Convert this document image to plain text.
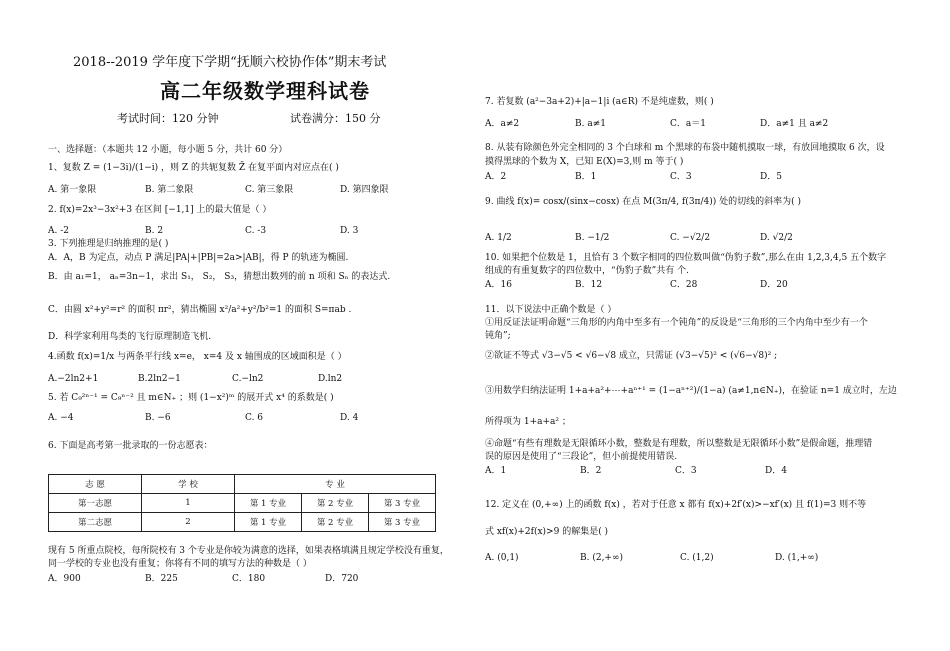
2018--2019 学年度下学期“抚顺六校协作体”期末考试
高二年级数学理科试卷
考试时间：120 分钟	试卷满分：150 分
一、选择题：（本题共 12 小题，每小题 5 分，共计 60 分）
1、复数 Z = (1−3i)/(1−i) ，则 Z 的共轭复数 Z̄ 在复平面内对应点在( )
A. 第一象限	B. 第二象限	C. 第三象限	D. 第四象限
2. f(x)=2x³−3x²+3 在区间 [−1,1] 上的最大值是（ ）
A. -2	B. 2	C. -3	D. 3
3. 下列推理是归纳推理的是( )
A．A，B 为定点，动点 P 满足|PA|+|PB|=2a>|AB|，得 P 的轨迹为椭圆.
B．由 a₁=1， aₙ=3n−1，求出 S₁， S₂， S₃，猜想出数列的前 n 项和 Sₙ 的表达式.
C．由圆 x²+y²=r² 的面积 πr²，猜出椭圆 x²/a²+y²/b²=1 的面积 S=πab .
D．科学家利用鸟类的飞行原理制造飞机.
4.函数 f(x)=1/x 与两条平行线 x=e， x=4 及 x 轴围成的区域面积是（ ）
A.−2ln2+1	B.2ln2−1	C.−ln2	D.ln2
5. 若 C₉²ⁿ⁻¹ = C₉ⁿ⁻² 且 m∈N₊ ；则 (1−x²)ᵐ 的展开式 x⁴ 的系数是( )
A. −4	B. −6	C. 6	D. 4
6. 下面是高考第一批录取的一份志愿表：
志 愿	学 校	专 业		
第一志愿	1	第 1 专业	第 2 专业	第 3 专业
第二志愿	2	第 1 专业	第 2 专业	第 3 专业
现有 5 所重点院校，每所院校有 3 个专业是你较为满意的选择，如果表格填满且规定学校没有重复，
同一学校的专业也没有重复；你将有不同的填写方法的种数是（ ）
A．900	B．225	C．180	D．720
7. 若复数 (a²−3a+2)+|a−1|i (a∈R) 不是纯虚数，则( )
A．a≠2	B. a≠1	C．a＝1	D．a≠1 且 a≠2
8. 从装有除颜色外完全相同的 3 个白球和 m 个黑球的布袋中随机摸取一球，有放回地摸取 6 次，设
摸得黑球的个数为 X，已知 E(X)=3,则 m 等于( )
A．2	B．1	C．3	D．5
9. 曲线 f(x)= cosx/(sinx−cosx) 在点 M(3π/4, f(3π/4)) 处的切线的斜率为( )
A. 1/2	B. −1/2	C. −√2/2	D. √2/2
10. 如果把个位数是 1，且恰有 3 个数字相同的四位数叫做“伪豹子数”,那么在由 1,2,3,4,5 五个数字
组成的有重复数字的四位数中，“伪豹子数”共有 个.
A．16	B．12	C．28	D．20
11．以下说法中正确个数是（ ）
①用反证法证明命题“三角形的内角中至多有一个钝角”的反设是“三角形的三个内角中至少有一个
钝角”;
②欲证不等式 √3−√5 < √6−√8 成立，只需证 (√3−√5)² < (√6−√8)² ;
③用数学归纳法证明 1+a+a²+⋯+aⁿ⁺¹ = (1−aⁿ⁺²)/(1−a) (a≠1,n∈N₊)，在验证 n=1 成立时，左边
所得项为 1+a+a² ；
④命题“有些有理数是无限循环小数，整数是有理数，所以整数是无限循环小数”是假命题，推理错
误的原因是使用了“三段论”，但小前提使用错误.
A．1	B．2	C．3	D．4
12. 定义在 (0,+∞) 上的函数 f(x) ，若对于任意 x 都有 f(x)+2f′(x)>−xf′(x) 且 f(1)=3 则不等
式 xf(x)+2f(x)>9 的解集是( )
A. (0,1)	B. (2,+∞)	C. (1,2)	D. (1,+∞)
